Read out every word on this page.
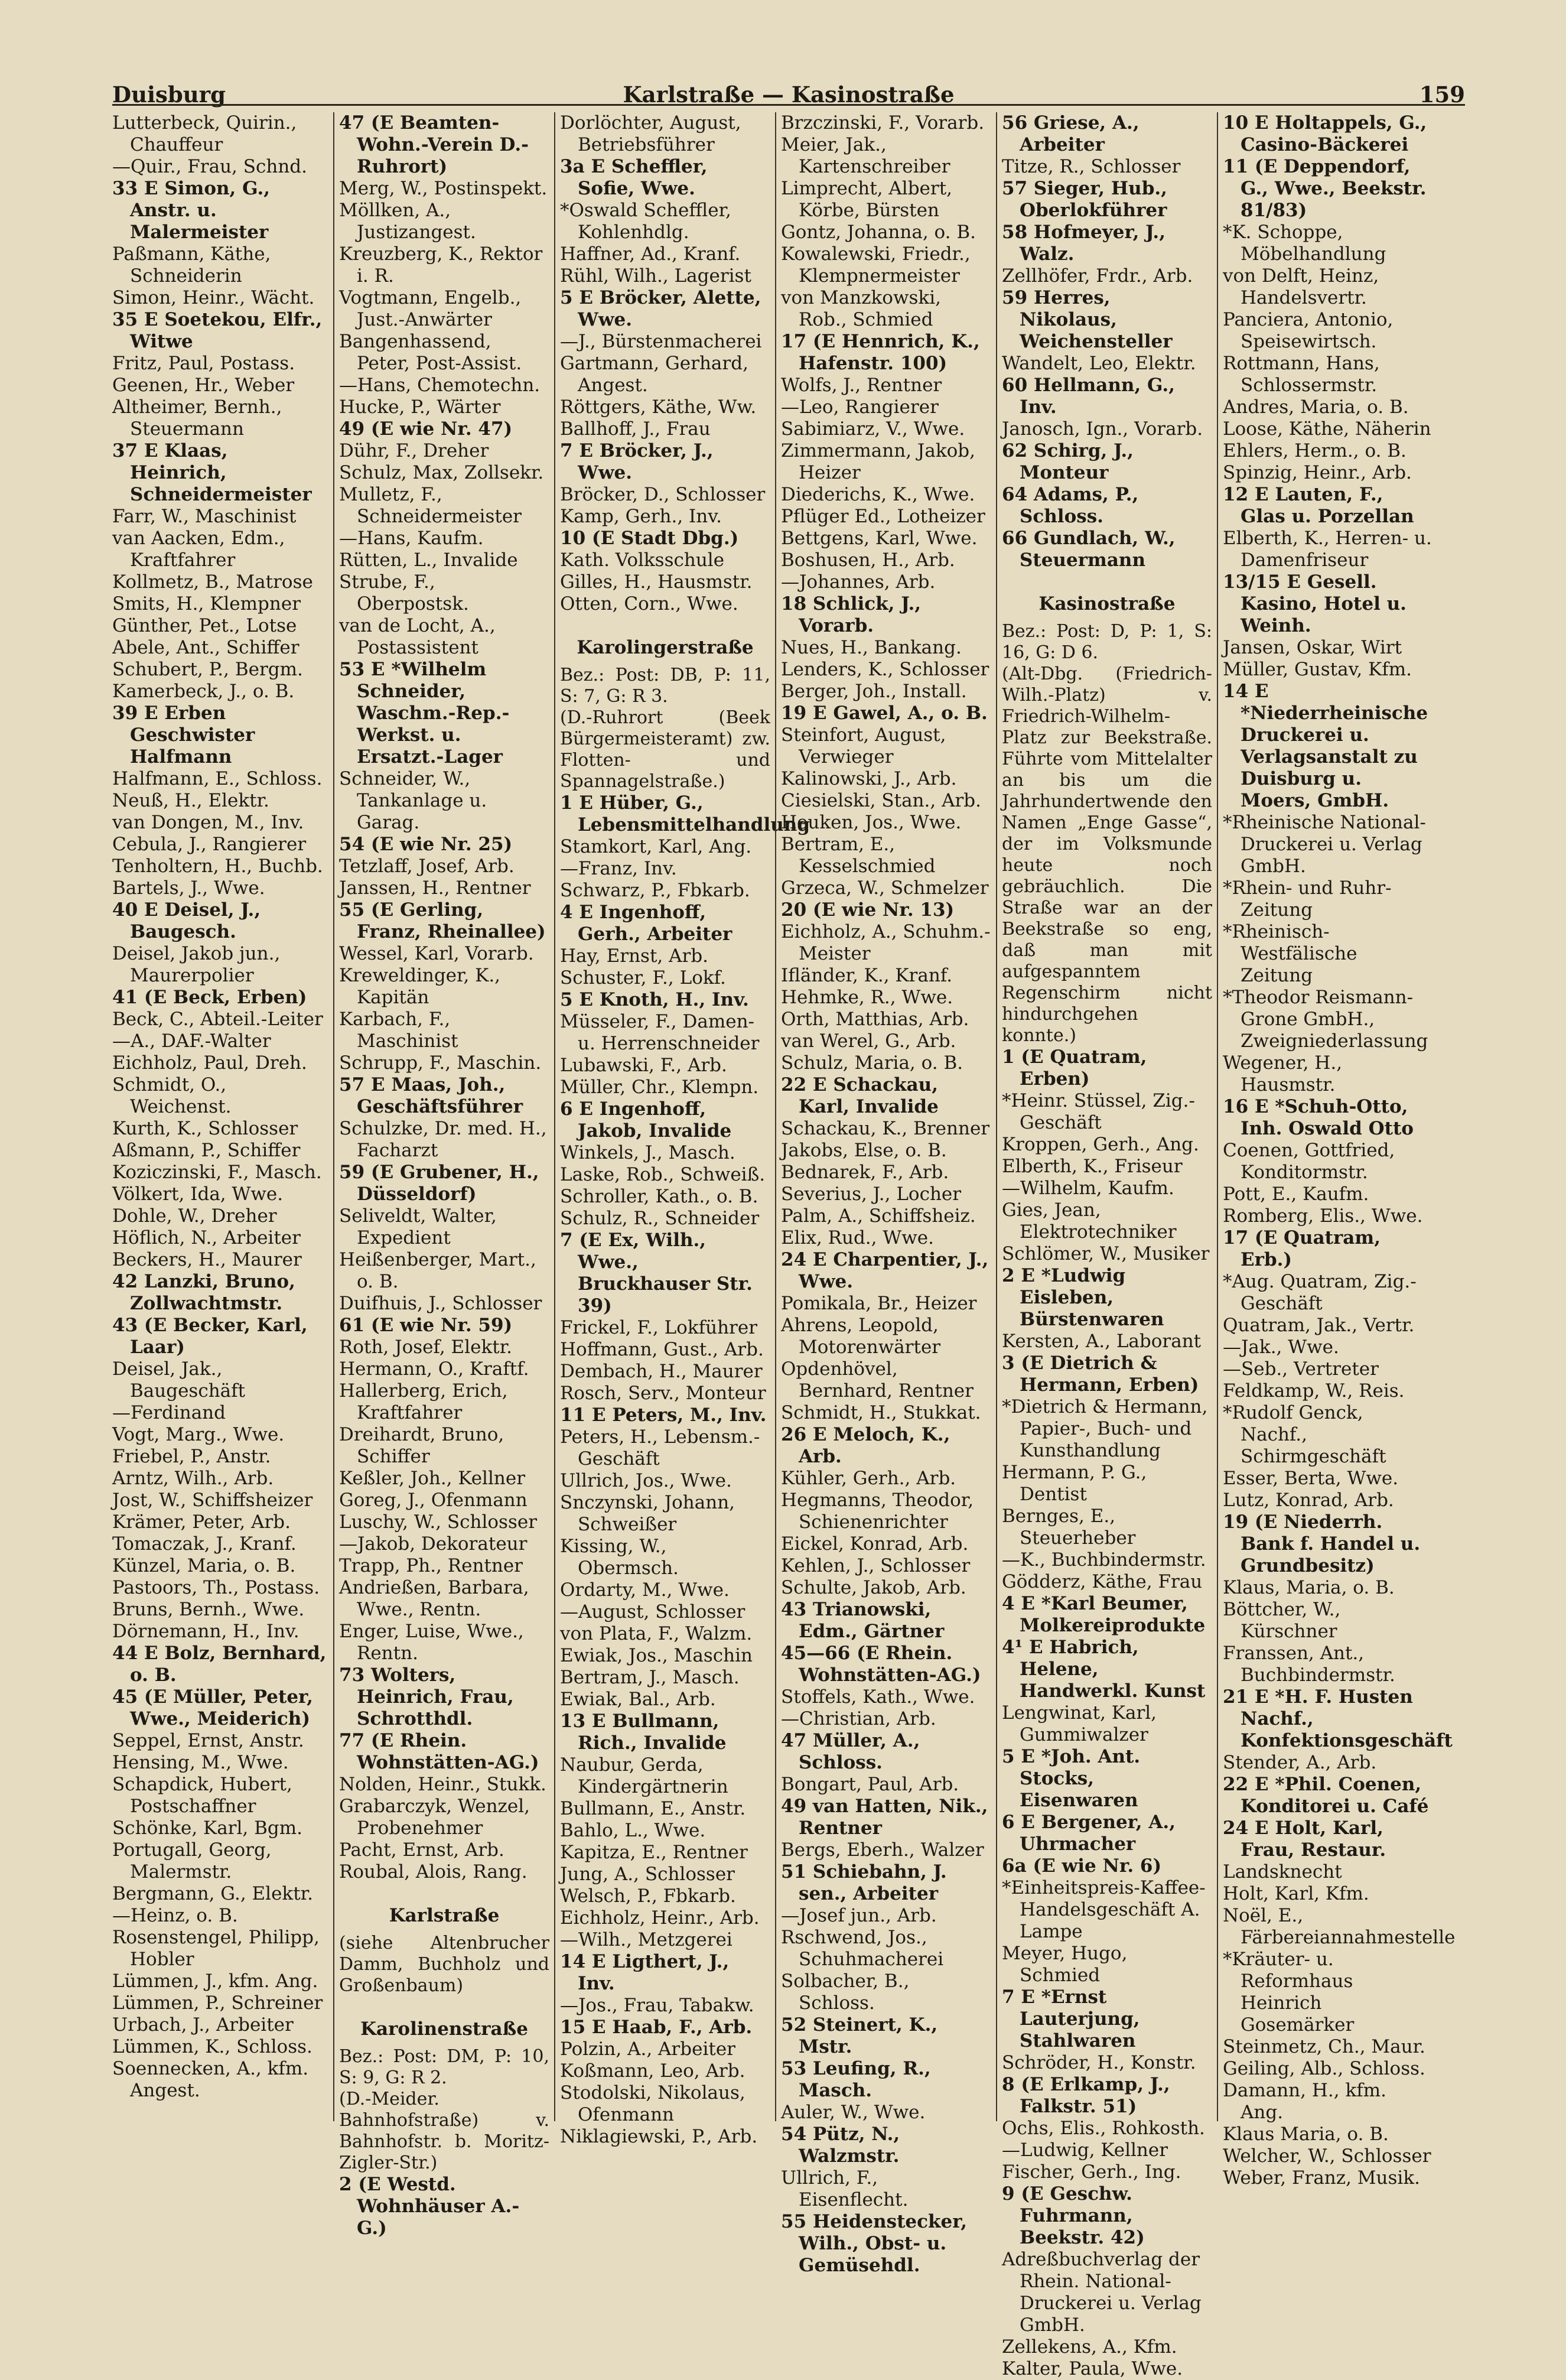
Duisburg	Karlstraße — Kasinostraße	159
Lutterbeck, Quirin., Chauffeur
—Quir., Frau, Schnd.
33 E Simon, G., Anstr. u. Malermeister
Paßmann, Käthe, Schneiderin
Simon, Heinr., Wächt.
35 E Soetekou, Elfr., Witwe
Fritz, Paul, Postass.
Geenen, Hr., Weber
Altheimer, Bernh., Steuermann
37 E Klaas, Heinrich, Schneidermeister
Farr, W., Maschinist
van Aacken, Edm., Kraftfahrer
Kollmetz, B., Matrose
Smits, H., Klempner
Günther, Pet., Lotse
Abele, Ant., Schiffer
Schubert, P., Bergm.
Kamerbeck, J., o. B.
39 E Erben Geschwister Halfmann
Halfmann, E., Schloss.
Neuß, H., Elektr.
van Dongen, M., Inv.
Cebula, J., Rangierer
Tenholtern, H., Buchb.
Bartels, J., Wwe.
40 E Deisel, J., Baugesch.
Deisel, Jakob jun., Maurerpolier
41 (E Beck, Erben)
Beck, C., Abteil.-Leiter
—A., DAF.-Walter
Eichholz, Paul, Dreh.
Schmidt, O., Weichenst.
Kurth, K., Schlosser
Aßmann, P., Schiffer
Koziczinski, F., Masch.
Völkert, Ida, Wwe.
Dohle, W., Dreher
Höflich, N., Arbeiter
Beckers, H., Maurer
42 Lanzki, Bruno, Zollwachtmstr.
43 (E Becker, Karl, Laar)
Deisel, Jak., Baugeschäft
—Ferdinand
Vogt, Marg., Wwe.
Friebel, P., Anstr.
Arntz, Wilh., Arb.
Jost, W., Schiffsheizer
Krämer, Peter, Arb.
Tomaczak, J., Kranf.
Künzel, Maria, o. B.
Pastoors, Th., Postass.
Bruns, Bernh., Wwe.
Dörnemann, H., Inv.
44 E Bolz, Bernhard, o. B.
45 (E Müller, Peter, Wwe., Meiderich)
Seppel, Ernst, Anstr.
Hensing, M., Wwe.
Schapdick, Hubert, Postschaffner
Schönke, Karl, Bgm.
Portugall, Georg, Malermstr.
Bergmann, G., Elektr.
—Heinz, o. B.
Rosenstengel, Philipp, Hobler
Lümmen, J., kfm. Ang.
Lümmen, P., Schreiner
Urbach, J., Arbeiter
Lümmen, K., Schloss.
Soennecken, A., kfm. Angest.
47 (E Beamten-Wohn.-Verein D.-Ruhrort)
Merg, W., Postinspekt.
Möllken, A., Justizangest.
Kreuzberg, K., Rektor i. R.
Vogtmann, Engelb., Just.-Anwärter
Bangenhassend, Peter, Post-Assist.
—Hans, Chemotechn.
Hucke, P., Wärter
49 (E wie Nr. 47)
Dühr, F., Dreher
Schulz, Max, Zollsekr.
Mulletz, F., Schneidermeister
—Hans, Kaufm.
Rütten, L., Invalide
Strube, F., Oberpostsk.
van de Locht, A., Postassistent
53 E *Wilhelm Schneider, Waschm.-Rep.-Werkst. u. Ersatzt.-Lager
Schneider, W., Tankanlage u. Garag.
54 (E wie Nr. 25)
Tetzlaff, Josef, Arb.
Janssen, H., Rentner
55 (E Gerling, Franz, Rheinallee)
Wessel, Karl, Vorarb.
Krewelding​er, K., Kapitän
Karbach, F., Maschinist
Schrupp, F., Maschin.
57 E Maas, Joh., Geschäftsführer
Schulzke, Dr. med. H., Facharzt
59 (E Grubener, H., Düsseldorf)
Seliveldt, Walter, Expedient
Heißenberger, Mart., o. B.
Duifhuis, J., Schlosser
61 (E wie Nr. 59)
Roth, Josef, Elektr.
Hermann, O., Kraftf.
Hallerberg, Erich, Kraftfahrer
Dreihardt, Bruno, Schiffer
Keßler, Joh., Kellner
Goreg, J., Ofenmann
Luschy, W., Schlosser
—Jakob, Dekorateur
Trapp, Ph., Rentner
Andrießen, Barbara, Wwe., Rentn.
Enger, Luise, Wwe., Rentn.
73 Wolters, Heinrich, Frau, Schrotthdl.
77 (E Rhein. Wohnstätten-AG.)
Nolden, Heinr., Stukk.
Grabarczyk, Wenzel, Probenehmer
Pacht, Ernst, Arb.
Roubal, Alois, Rang.
Karlstraße
(siehe Altenbrucher Damm, Buchholz und Großenbaum)
Karolinenstraße
Bez.: Post: DM, P: 10, S: 9, G: R 2.
(D.-Meider. Bahnhofstraße) v. Bahnhofstr. b. Moritz-Zigler-Str.)
2 (E Westd. Wohnhäuser A.-G.)
Dorlöchter, August, Betriebsführer
3a E Scheffler, Sofie, Wwe.
*Oswald Scheffler, Kohlenhdlg.
Haffner, Ad., Kranf.
Rühl, Wilh., Lagerist
5 E Bröcker, Alette, Wwe.
—J., Bürstenmacherei
Gartmann, Gerhard, Angest.
Röttgers, Käthe, Ww.
Ballhoff, J., Frau
7 E Bröcker, J., Wwe.
Bröcker, D., Schlosser
Kamp, Gerh., Inv.
10 (E Stadt Dbg.)
Kath. Volksschule
Gilles, H., Hausmstr.
Otten, Corn., Wwe.
Karolingerstraße
Bez.: Post: DB, P: 11, S: 7, G: R 3.
(D.-Ruhrort (Beek Bürgermeisteramt) zw. Flotten- und Spannagelstraße.)
1 E Hüber, G., Lebensmittelhandlung
Stamkort, Karl, Ang.
—Franz, Inv.
Schwarz, P., Fbkarb.
4 E Ingenhoff, Gerh., Arbeiter
Hay, Ernst, Arb.
Schuster, F., Lokf.
5 E Knoth, H., Inv.
Müsseler, F., Damen- u. Herrenschneider
Lubawski, F., Arb.
Müller, Chr., Klempn.
6 E Ingenhoff, Jakob, Invalide
Winkels, J., Masch.
Laske, Rob., Schweiß.
Schroller, Kath., o. B.
Schulz, R., Schneider
7 (E Ex, Wilh., Wwe., Bruckhauser Str. 39)
Frickel, F., Lokführer
Hoffmann, Gust., Arb.
Dembach, H., Maurer
Rosch, Serv., Monteur
11 E Peters, M., Inv.
Peters, H., Lebensm.-Geschäft
Ullrich, Jos., Wwe.
Snczynski, Johann, Schweißer
Kissing, W., Obermsch.
Ordarty, M., Wwe.
—August, Schlosser
von Plata, F., Walzm.
Ewiak, Jos., Maschin
Bertram, J., Masch.
Ewiak, Bal., Arb.
13 E Bullmann, Rich., Invalide
Naubur, Gerda, Kindergärtnerin
Bullmann, E., Anstr.
Bahlo, L., Wwe.
Kapitza, E., Rentner
Jung, A., Schlosser
Welsch, P., Fbkarb.
Eichholz, Heinr., Arb.
—Wilh., Metzgerei
14 E Ligthert, J., Inv.
—Jos., Frau, Tabakw.
15 E Haab, F., Arb.
Polzin, A., Arbeiter
Koßmann, Leo, Arb.
Stodolski, Nikolaus, Ofenmann
Niklagiewski, P., Arb.
Brzczinski, F., Vorarb.
Meier, Jak., Kartenschreiber
Limprecht, Albert, Körbe, Bürsten
Gontz, Johanna, o. B.
Kowalewski, Friedr., Klempnermeister
von Manzkowski, Rob., Schmied
17 (E Hennrich, K., Hafenstr. 100)
Wolfs, J., Rentner
—Leo, Rangierer
Sabimiarz, V., Wwe.
Zimmermann, Jakob, Heizer
Diederichs, K., Wwe.
Pflüger Ed., Lotheizer
Bettgens, Karl, Wwe.
Boshusen, H., Arb.
—Johannes, Arb.
18 Schlick, J., Vorarb.
Nues, H., Bankang.
Lenders, K., Schlosser
Berger, Joh., Install.
19 E Gawel, A., o. B.
Steinfort, August, Verwieger
Kalinowski, J., Arb.
Ciesielski, Stan., Arb.
Heuken, Jos., Wwe.
Bertram, E., Kesselschmied
Grzeca, W., Schmelzer
20 (E wie Nr. 13)
Eichholz, A., Schuhm.-Meister
Ifländer, K., Kranf.
Hehmke, R., Wwe.
Orth, Matthias, Arb.
van Werel, G., Arb.
Schulz, Maria, o. B.
22 E Schackau, Karl, Invalide
Schackau, K., Brenner
Jakobs, Else, o. B.
Bednarek, F., Arb.
Severius, J., Locher
Palm, A., Schiffsheiz.
Elix, Rud., Wwe.
24 E Charpentier, J., Wwe.
Pomikala, Br., Heizer
Ahrens, Leopold, Motorenwärter
Opdenhövel, Bernhard, Rentner
Schmidt, H., Stukkat.
26 E Meloch, K., Arb.
Kühler, Gerh., Arb.
Hegmanns, Theodor, Schienenrichter
Eickel, Konrad, Arb.
Kehlen, J., Schlosser
Schulte, Jakob, Arb.
43 Trianowski, Edm., Gärtner
45—66 (E Rhein. Wohnstätten-AG.)
Stoffels, Kath., Wwe.
—Christian, Arb.
47 Müller, A., Schloss.
Bongart, Paul, Arb.
49 van Hatten, Nik., Rentner
Bergs, Eberh., Walzer
51 Schiebahn, J. sen., Arbeiter
—Josef jun., Arb.
Rschwend, Jos., Schuhmacherei
Solbacher, B., Schloss.
52 Steinert, K., Mstr.
53 Leufing, R., Masch.
Auler, W., Wwe.
54 Pütz, N., Walzmstr.
Ullrich, F., Eisenflecht.
55 Heidenstecker, Wilh., Obst- u. Gemüsehdl.
56 Griese, A., Arbeiter
Titze, R., Schlosser
57 Sieger, Hub., Oberlokführer
58 Hofmeyer, J., Walz.
Zellhöfer, Frdr., Arb.
59 Herres, Nikolaus, Weichensteller
Wandelt, Leo, Elektr.
60 Hellmann, G., Inv.
Janosch, Ign., Vorarb.
62 Schirg, J., Monteur
64 Adams, P., Schloss.
66 Gundlach, W., Steuermann
Kasinostraße
Bez.: Post: D, P: 1, S: 16, G: D 6.
(Alt-Dbg. (Friedrich-Wilh.-Platz) v. Friedrich-Wilhelm-Platz zur Beekstraße. Führte vom Mittelalter an bis um die Jahrhundertwende den Namen „Enge Gasse“, der im Volksmunde heute noch gebräuchlich. Die Straße war an der Beekstraße so eng, daß man mit aufgespanntem Regenschirm nicht hindurchgehen konnte.)
1 (E Quatram, Erben)
*Heinr. Stüssel, Zig.-Geschäft
Kroppen, Gerh., Ang.
Elberth, K., Friseur
—Wilhelm, Kaufm.
Gies, Jean, Elektrotechniker
Schlömer, W., Musiker
2 E *Ludwig Eisleben, Bürstenwaren
Kersten, A., Laborant
3 (E Dietrich & Hermann, Erben)
*Dietrich & Hermann, Papier-, Buch- und Kunsthandlung
Hermann, P. G., Dentist
Bernges, E., Steuerheber
—K., Buchbindermstr.
Gödderz, Käthe, Frau
4 E *Karl Beumer, Molkereiprodukte
4¹ E Habrich, Helene, Handwerkl. Kunst
Lengwinat, Karl, Gummiwalzer
5 E *Joh. Ant. Stocks, Eisenwaren
6 E Bergener, A., Uhrmacher
6a (E wie Nr. 6)
*Einheitspreis-Kaffee-Handelsgeschäft A. Lampe
Meyer, Hugo, Schmied
7 E *Ernst Lauterjung, Stahlwaren
Schröder, H., Konstr.
8 (E Erlkamp, J., Falkstr. 51)
Ochs, Elis., Rohkosth.
—Ludwig, Kellner
Fischer, Gerh., Ing.
9 (E Geschw. Fuhrmann, Beekstr. 42)
Adreßbuchverlag der Rhein. National-Druckerei u. Verlag GmbH.
Zellekens, A., Kfm.
Kalter, Paula, Wwe.
10 E Holtappels, G., Casino-Bäckerei
11 (E Deppendorf, G., Wwe., Beekstr. 81/83)
*K. Schoppe, Möbelhandlung
von Delft, Heinz, Handelsvertr.
Panciera, Antonio, Speisewirtsch.
Rottmann, Hans, Schlossermstr.
Andres, Maria, o. B.
Loose, Käthe, Näherin
Ehlers, Herm., o. B.
Spinzig, Heinr., Arb.
12 E Lauten, F., Glas u. Porzellan
Elberth, K., Herren- u. Damenfriseur
13/15 E Gesell. Kasino, Hotel u. Weinh.
Jansen, Oskar, Wirt
Müller, Gustav, Kfm.
14 E *Niederrheinische Druckerei u. Verlagsanstalt zu Duisburg u. Moers, GmbH.
*Rheinische National-Druckerei u. Verlag GmbH.
*Rhein- und Ruhr-Zeitung
*Rheinisch-Westfälische Zeitung
*Theodor Reismann-Grone GmbH., Zweigniederlassung
Wegener, H., Hausmstr.
16 E *Schuh-Otto, Inh. Oswald Otto
Coenen, Gottfried, Konditormstr.
Pott, E., Kaufm.
Romberg, Elis., Wwe.
17 (E Quatram, Erb.)
*Aug. Quatram, Zig.-Geschäft
Quatram, Jak., Vertr.
—Jak., Wwe.
—Seb., Vertreter
Feldkamp, W., Reis.
*Rudolf Genck, Nachf., Schirmgeschäft
Esser, Berta, Wwe.
Lutz, Konrad, Arb.
19 (E Niederrh. Bank f. Handel u. Grundbesitz)
Klaus, Maria, o. B.
Böttcher, W., Kürschner
Franssen, Ant., Buchbindermstr.
21 E *H. F. Husten Nachf., Konfektionsgeschäft
Stender, A., Arb.
22 E *Phil. Coenen, Konditorei u. Café
24 E Holt, Karl, Frau, Restaur.
Landsknecht
Holt, Karl, Kfm.
Noël, E., Färbereiannahmestelle
*Kräuter- u. Reformhaus Heinrich Gosemärker
Steinmetz, Ch., Maur.
Geiling, Alb., Schloss.
Damann, H., kfm. Ang.
Klaus Maria, o. B.
Welcher, W., Schlosser
Weber, Franz, Musik.
